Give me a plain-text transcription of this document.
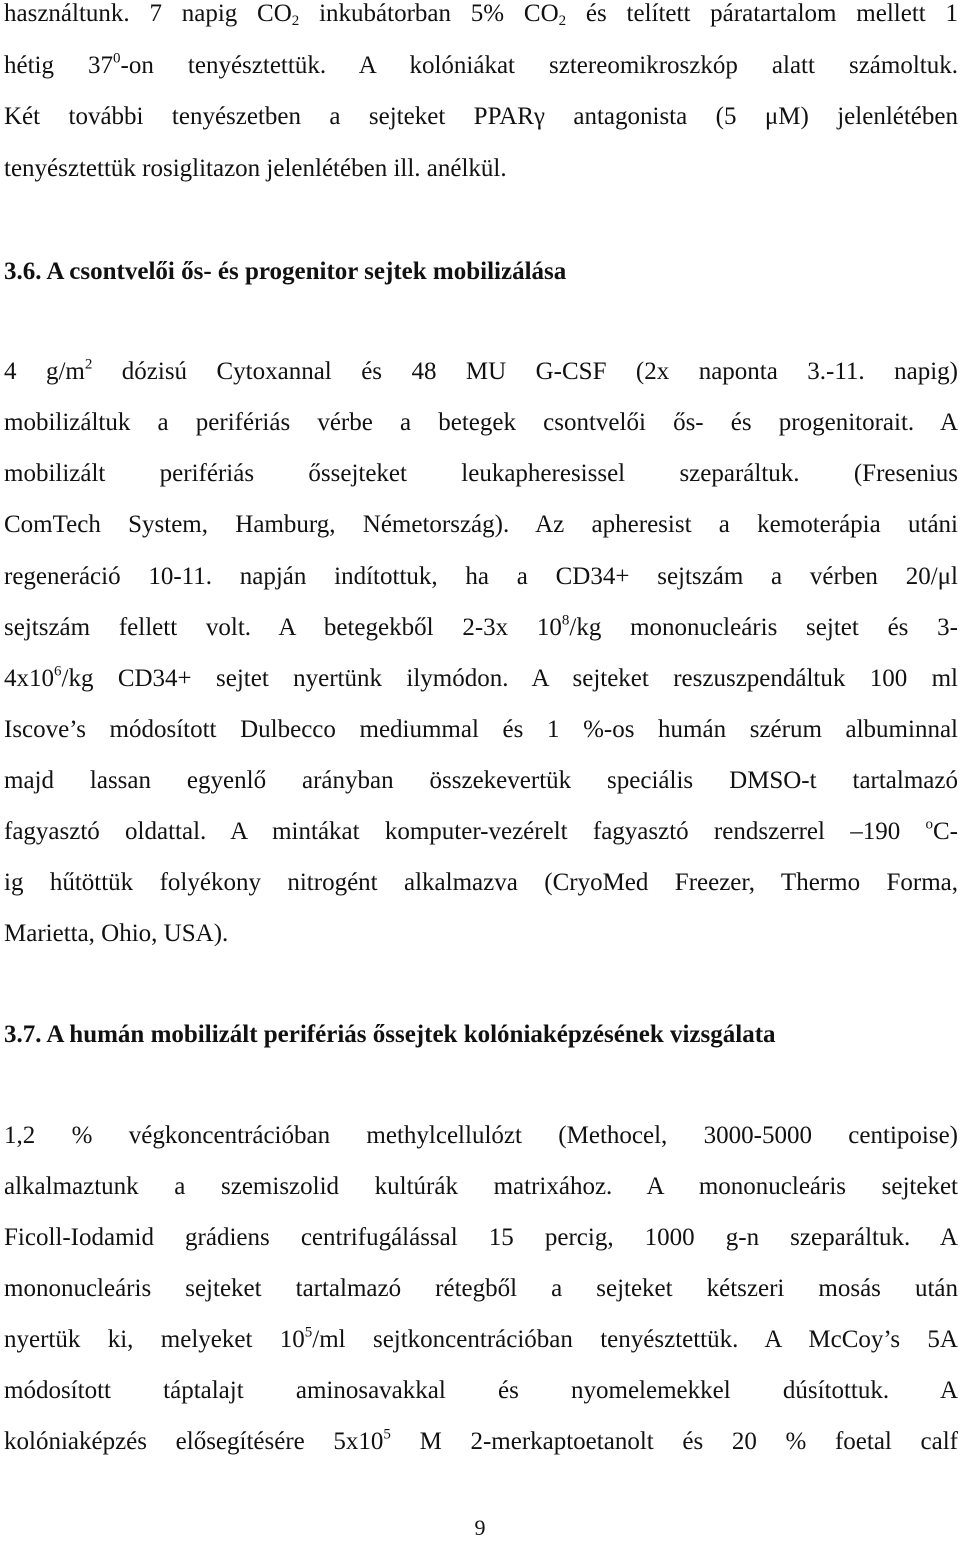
használtunk. 7 napig $CO_2$ inkubátorban 5% $CO_2$ és telített páratartalom mellett 1
hétig $37^0-on$ tenyésztettük. A kolóniákat sztereomikroszkóp alatt számoltuk.
Két további tenyészetben a sejteket PPARγ antagonista (5 μM) jelenlétében
tenyésztettük rosiglitazon jelenlétében ill. anélkül.
3.6. A csontvelői ős- és progenitor sejtek mobilizálása
4 $g/m^2$ dózisú Cytoxannal és 48 MU G-CSF (2x naponta 3.-11. napig)
mobilizáltuk a perifériás vérbe a betegek csontvelői ős- és progenitorait. A
mobilizált perifériás őssejteket leukapheresissel szeparáltuk. (Fresenius
ComTech System, Hamburg, Németország). Az apheresist a kemoterápia utáni
regeneráció 10-11. napján indítottuk, ha a CD34+ sejtszám a vérben 20/μl
sejtszám fellett volt. A betegekből 2-3x $10^8/kg$ mononucleáris sejtet és 3-
$4x10^6/kg$ CD34+ sejtet nyertünk ilymódon. A sejteket reszuszpendáltuk 100 ml
Iscove’s módosított Dulbecco mediummal és 1 %-os humán szérum albuminnal
majd lassan egyenlő arányban összekevertük speciális DMSO-t tartalmazó
fagyasztó oldattal. A mintákat komputer-vezérelt fagyasztó rendszerrel –190 $^o$C-
ig hűtöttük folyékony nitrogént alkalmazva (CryoMed Freezer, Thermo Forma,
Marietta, Ohio, USA).
3.7. A humán mobilizált perifériás őssejtek kolóniaképzésének vizsgálata
1,2 % végkoncentrációban methylcellulózt (Methocel, 3000-5000 centipoise)
alkalmaztunk a szemiszolid kultúrák matrixához. A mononucleáris sejteket
Ficoll-Iodamid grádiens centrifugálással 15 percig, 1000 g-n szeparáltuk. A
mononucleáris sejteket tartalmazó rétegből a sejteket kétszeri mosás után
nyertük ki, melyeket $10^5/ml$ sejtkoncentrációban tenyésztettük. A McCoy’s 5A
módosított táptalajt aminosavakkal és nyomelemekkel dúsítottuk. A
kolóniaképzés elősegítésére $5x10^5$ M 2-merkaptoetanolt és 20 % foetal calf
9
